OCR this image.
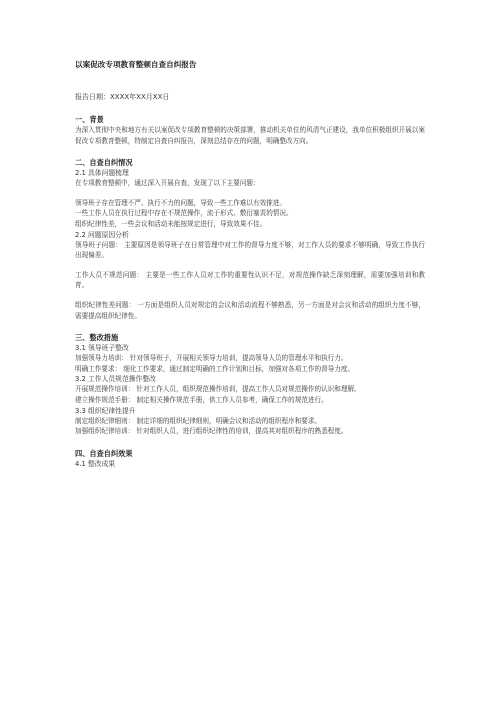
以案促改专项教育整顿自查自纠报告
报告日期：XXXX年XX月XX日
一、背景
为深入贯彻中央和地方有关以案促改专项教育整顿的决策部署，推动机关单位的风清气正建设，我单位积极组织开展以案促改专项教育整顿，特制定自查自纠报告，深刻总结存在的问题，明确整改方向。
二、自查自纠情况
2.1 具体问题梳理
在专项教育整顿中，通过深入开展自查，发现了以下主要问题：
领导班子存在管理不严、执行不力的问题，导致一些工作难以有效推进。
一些工作人员在执行过程中存在不规范操作，流于形式、敷衍塞责的情况。
组织纪律性差，一些会议和活动未能按规定进行，导致效果不佳。
2.2 问题原因分析
领导班子问题： 主要原因是领导班子在日常管理中对工作的督导力度不够，对工作人员的要求不够明确，导致工作执行出现偏差。
工作人员不规范问题： 主要是一些工作人员对工作的重要性认识不足，对规范操作缺乏深刻理解，需要加强培训和教育。
组织纪律性差问题： 一方面是组织人员对规定的会议和活动流程不够熟悉，另一方面是对会议和活动的组织力度不够，需要提高组织纪律性。
三、整改措施
3.1 领导班子整改
加强领导力培训： 针对领导班子，开展相关领导力培训，提高领导人员的管理水平和执行力。
明确工作要求： 细化工作要求，通过制定明确的工作计划和目标，加强对各项工作的督导力度。
3.2 工作人员规范操作整改
开展规范操作培训： 针对工作人员，组织规范操作培训，提高工作人员对规范操作的认识和理解。
建立操作规范手册： 制定相关操作规范手册，供工作人员参考，确保工作的规范进行。
3.3 组织纪律性提升
制定组织纪律细则： 制定详细的组织纪律细则，明确会议和活动的组织程序和要求。
加强组织纪律培训： 针对组织人员，进行组织纪律性的培训，提高其对组织程序的熟悉程度。
四、自查自纠效果
4.1 整改成果
